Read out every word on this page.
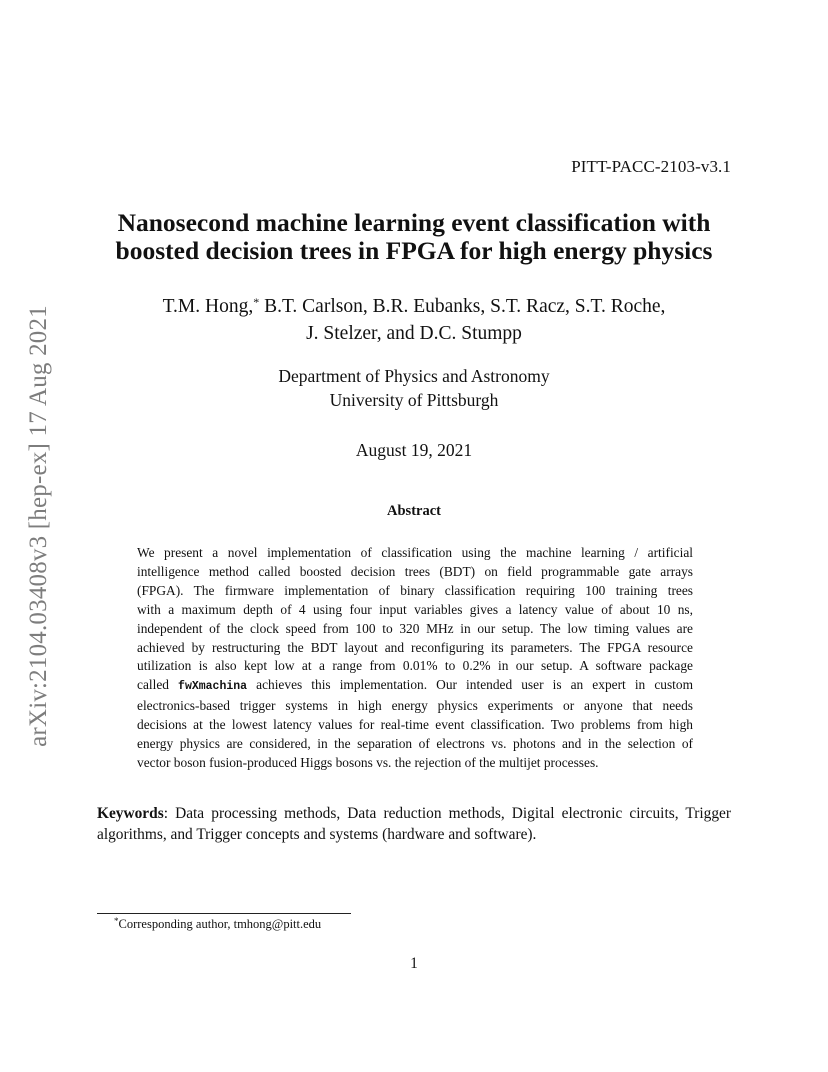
arXiv:2104.03408v3 [hep-ex] 17 Aug 2021
PITT-PACC-2103-v3.1
Nanosecond machine learning event classification with
boosted decision trees in FPGA for high energy physics
T.M. Hong,* B.T. Carlson, B.R. Eubanks, S.T. Racz, S.T. Roche,
J. Stelzer, and D.C. Stumpp
Department of Physics and Astronomy
University of Pittsburgh
August 19, 2021
Abstract
We present a novel implementation of classification using the machine learning / artificial
intelligence method called boosted decision trees (BDT) on field programmable gate arrays
(FPGA). The firmware implementation of binary classification requiring 100 training trees
with a maximum depth of 4 using four input variables gives a latency value of about 10 ns,
independent of the clock speed from 100 to 320 MHz in our setup. The low timing values are
achieved by restructuring the BDT layout and reconfiguring its parameters. The FPGA resource
utilization is also kept low at a range from 0.01% to 0.2% in our setup. A software package
called fwXmachina achieves this implementation. Our intended user is an expert in custom
electronics-based trigger systems in high energy physics experiments or anyone that needs
decisions at the lowest latency values for real-time event classification. Two problems from high
energy physics are considered, in the separation of electrons vs. photons and in the selection of
vector boson fusion-produced Higgs bosons vs. the rejection of the multijet processes.
Keywords: Data processing methods, Data reduction methods, Digital electronic circuits, Trigger
algorithms, and Trigger concepts and systems (hardware and software).
*Corresponding author, tmhong@pitt.edu
1
